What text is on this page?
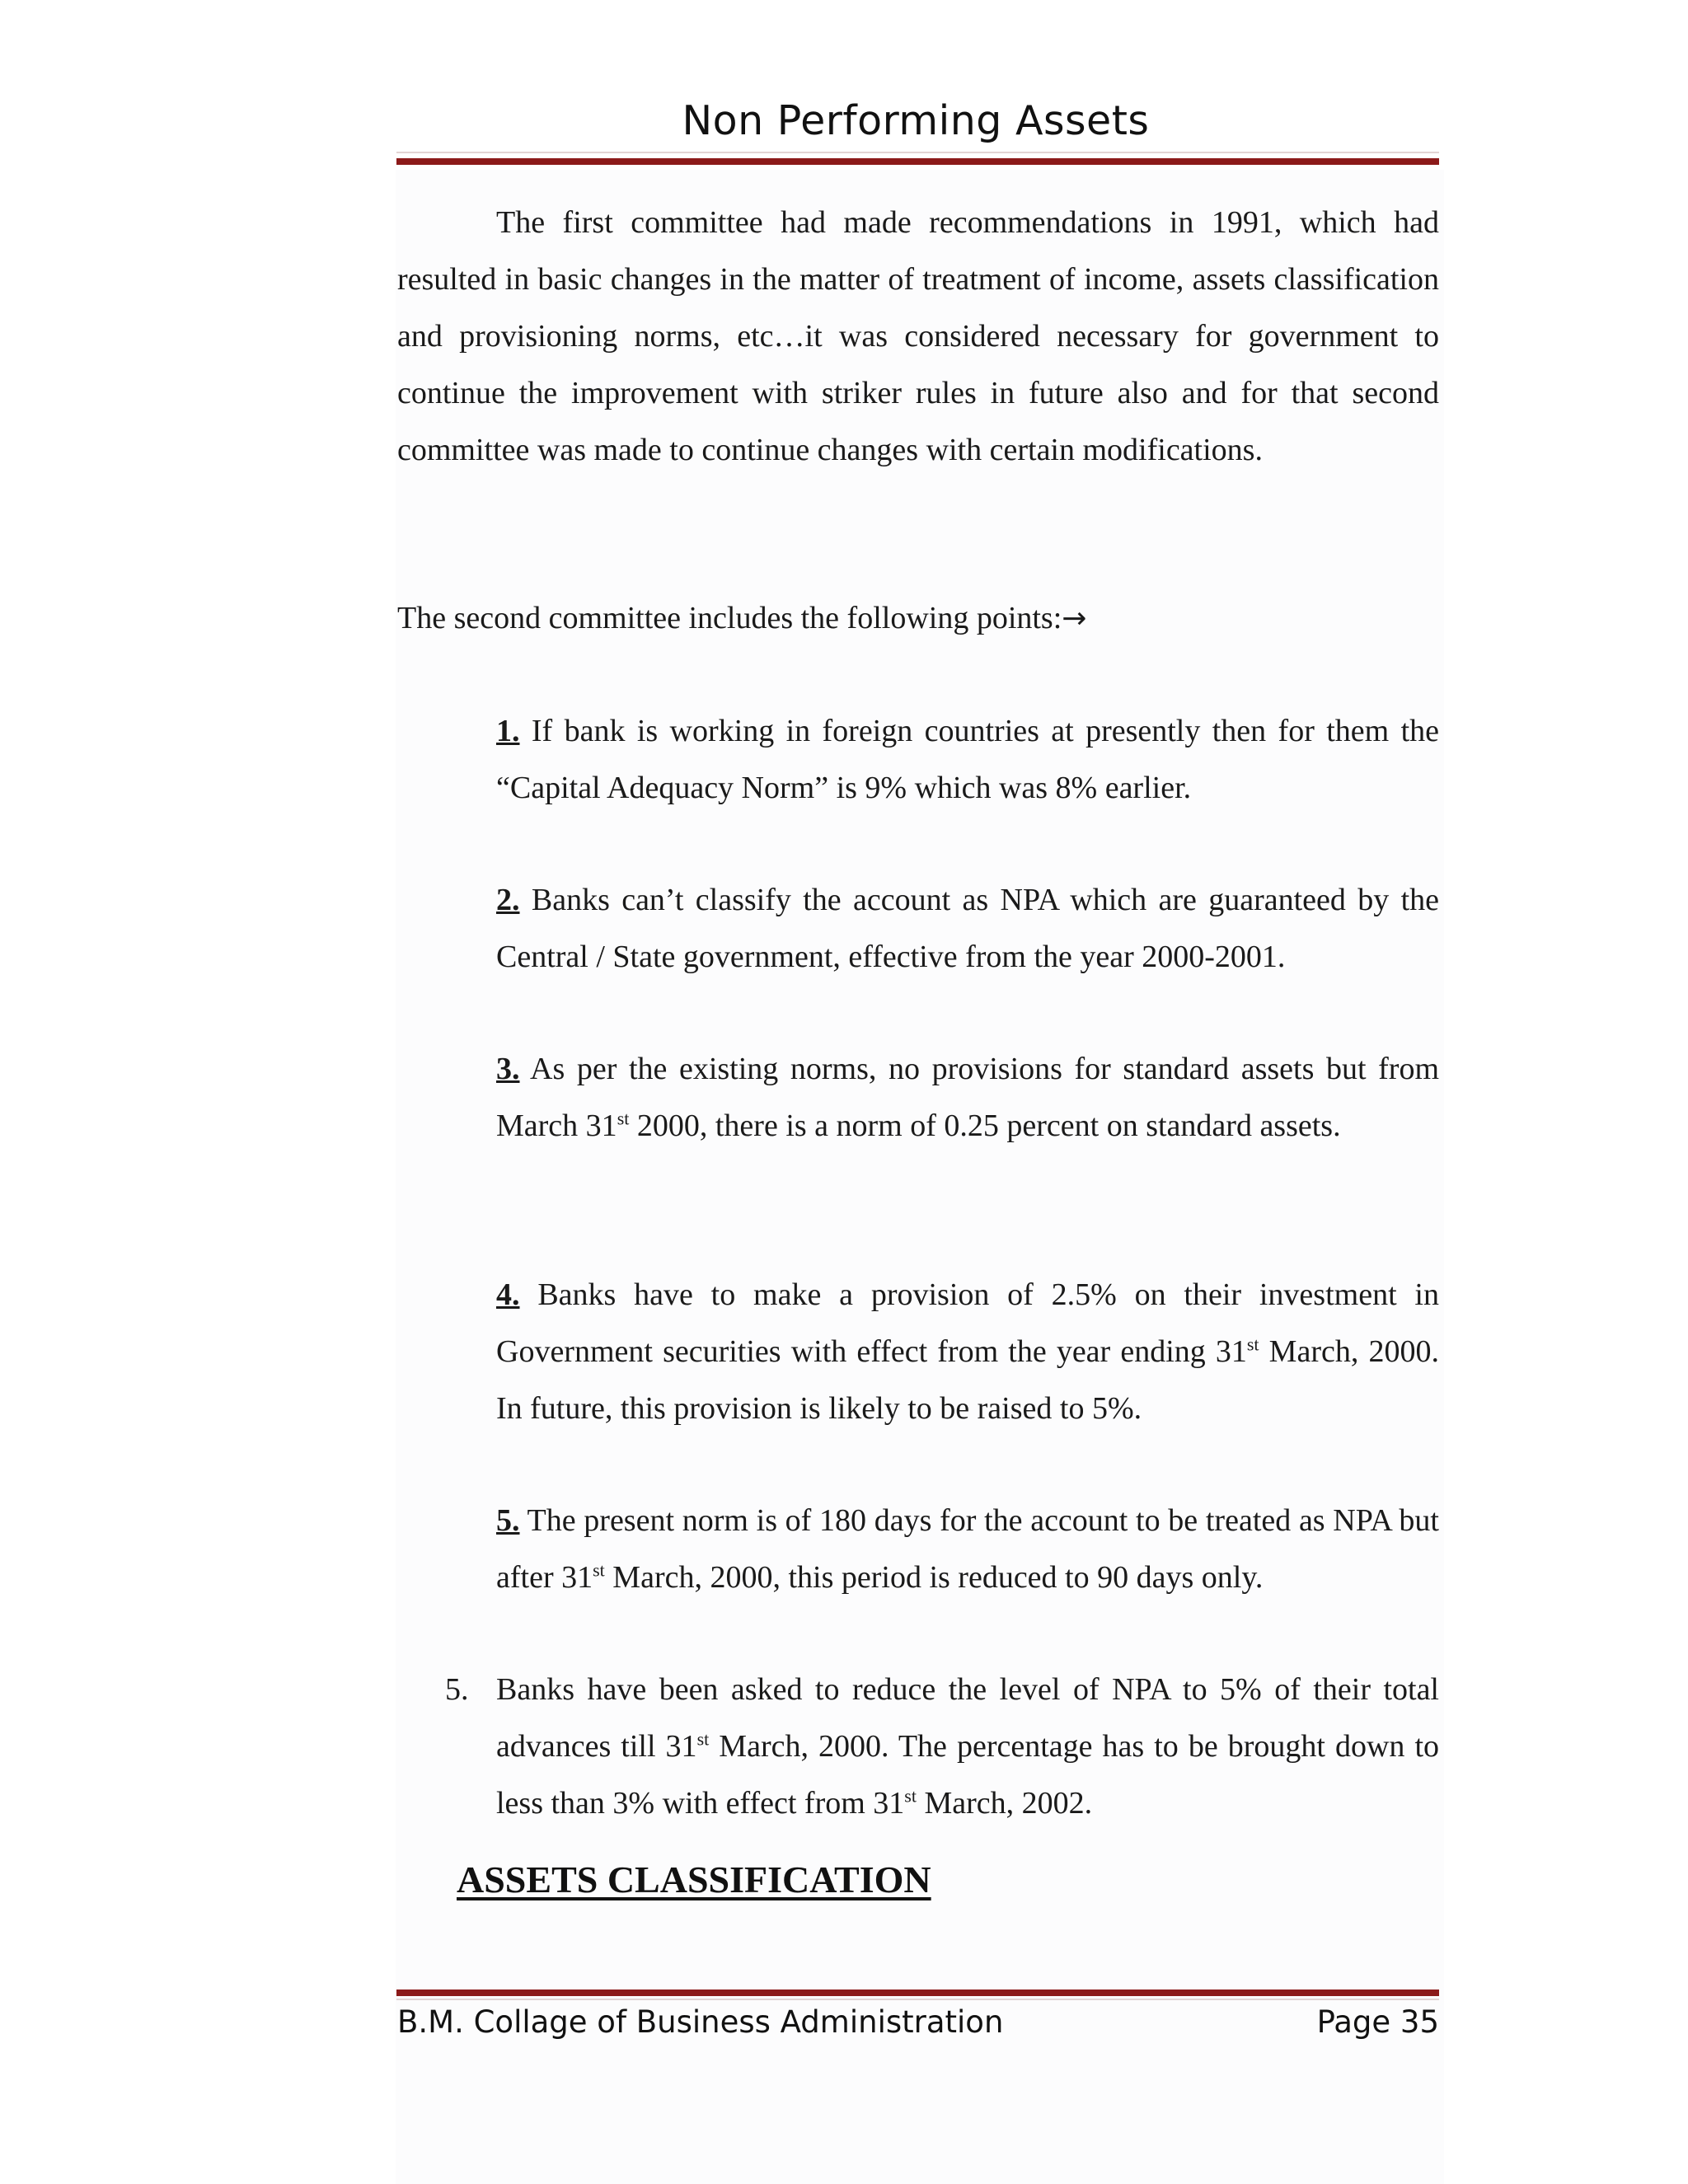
Non Performing Assets

The first committee had made recommendations in 1991, which had resulted in basic changes in the matter of treatment of income, assets classification and provisioning norms, etc…it was considered necessary for government to continue the improvement with striker rules in future also and for that second committee was made to continue changes with certain modifications.

The second committee includes the following points:→

1. If bank is working in foreign countries at presently then for them the “Capital Adequacy Norm” is 9% which was 8% earlier.

2. Banks can’t classify the account as NPA which are guaranteed by the Central / State government, effective from the year 2000-2001.

3. As per the existing norms, no provisions for standard assets but from March 31st 2000, there is a norm of 0.25 percent on standard assets.

4. Banks have to make a provision of 2.5% on their investment in Government securities with effect from the year ending 31st March, 2000. In future, this provision is likely to be raised to 5%.

5. The present norm is of 180 days for the account to be treated as NPA but after 31st March, 2000, this period is reduced to 90 days only.

5. Banks have been asked to reduce the level of NPA to 5% of their total advances till 31st March, 2000. The percentage has to be brought down to less than 3% with effect from 31st March, 2002.

ASSETS CLASSIFICATION
B.M. Collage of Business Administration	Page 35
